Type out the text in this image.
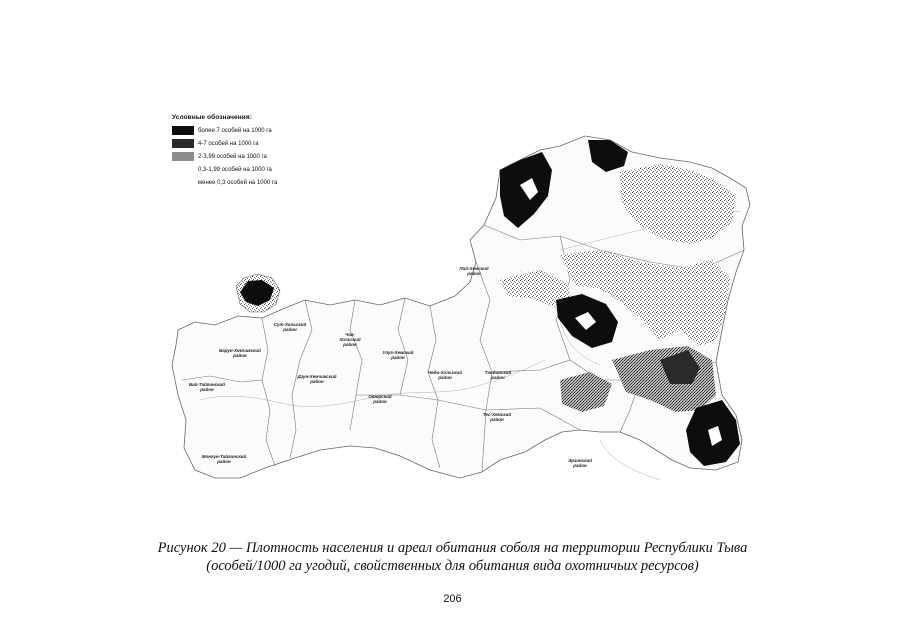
Условные обозначения:
более 7 особей на 1000 га
4-7 особей на 1000 га
2-3,99 особей на 1000 га
0,3-1,99 особей на 1000 га
менее 0,3 особей на 1000 га
Пий-Хемский
район
Сут-Хольский
район
Чаа-
Хольский
район
Барун-Хемчикский
район
Улуг-Хемский
район
Дзун-Хемчикский
район
Бай-Тайгинский
район
Чеди-Хольский
район
Тандинский
район
Овюрский
район
Тес-Хемский
район
Монгун-Тайгинский
район	Эрзинский
район
Рисунок 20 — Плотность населения и ареал обитания соболя на территории Республики Тыва
(особей/1000 га угодий, свойственных для обитания вида охотничьих ресурсов)
206
